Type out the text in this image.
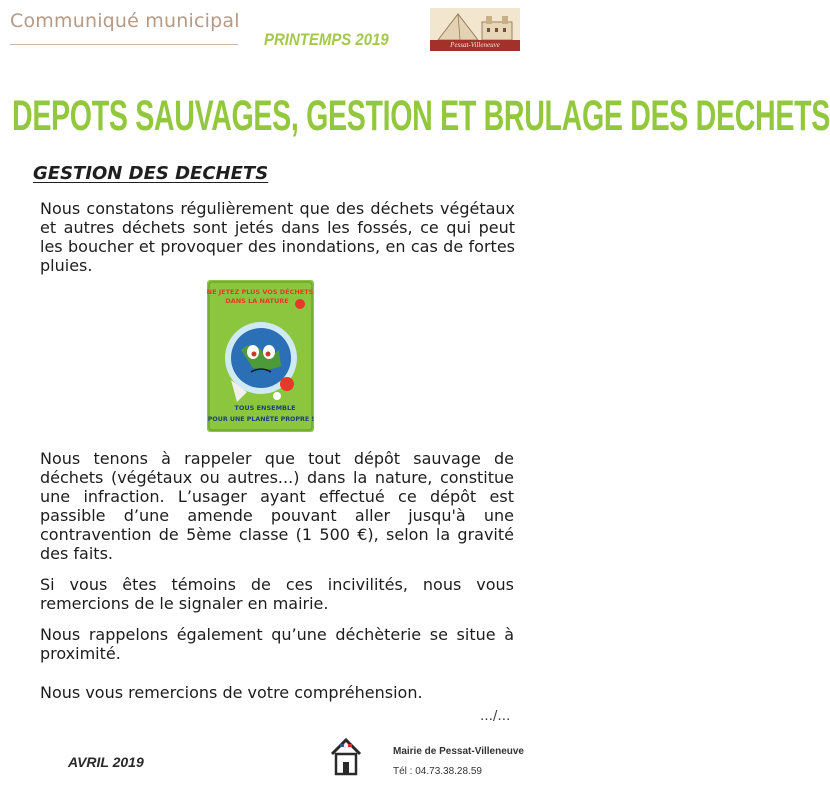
Communiqué municipal
PRINTEMPS 2019	Pessat-Villeneuve
DEPOTS SAUVAGES, GESTION ET BRULAGE DES DECHETS
GESTION DES DECHETS
Nous constatons régulièrement que des déchets végétaux et autres déchets sont jetés dans les fossés, ce qui peut les boucher et provoquer des inondations, en cas de fortes pluies.
NE JETEZ PLUS VOS DÉCHETS
DANS LA NATURE
TOUS ENSEMBLE
POUR UNE PLANÈTE PROPRE !
Nous tenons à rappeler que tout dépôt sauvage de déchets (végétaux ou autres...) dans la nature, constitue une infraction. L’usager ayant effectué ce dépôt est passible d’une amende pouvant aller jusqu'à une contravention de 5ème classe (1 500 €), selon la gravité des faits.
Si vous êtes témoins de ces incivilités, nous vous remercions de le signaler en mairie.
Nous rappelons également qu’une déchèterie se situe à proximité.
Nous vous remercions de votre compréhension.
…/…
AVRIL 2019
Mairie de Pessat-Villeneuve
Tél : 04.73.38.28.59
